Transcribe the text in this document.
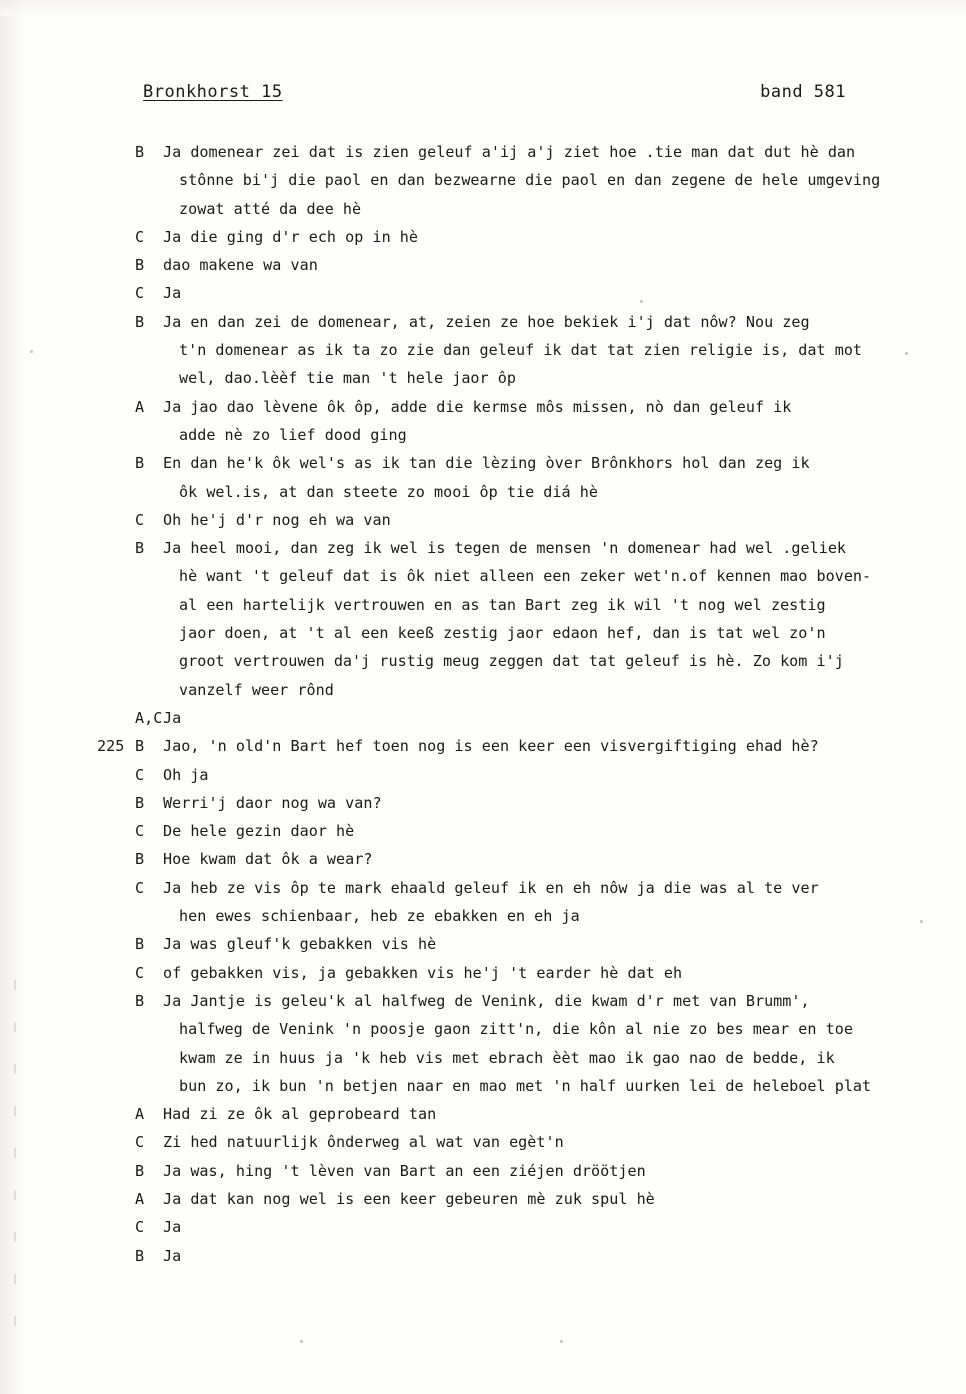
Bronkhorst 15	band 581
B	Ja domenear zei dat is zien geleuf a'ij a'j ziet hoe .tie man dat dut hè dan
stônne bi'j die paol en dan bezwearne die paol en dan zegene de hele umgeving
zowat atté da dee hè
C	Ja die ging d'r ech op in hè
B	dao makene wa van
C	Ja
B	Ja en dan zei de domenear, at, zeien ze hoe bekiek i'j dat nôw? Nou zeg
t'n domenear as ik ta zo zie dan geleuf ik dat tat zien religie is, dat mot
wel, dao.lèèf tie man 't hele jaor ôp
A	Ja jao dao lèvene ôk ôp, adde die kermse môs missen, nò dan geleuf ik
adde nè zo lief dood ging
B	En dan he'k ôk wel's as ik tan die lèzing òver Brônkhors hol dan zeg ik
ôk wel.is, at dan steete zo mooi ôp tie diá hè
C	Oh he'j d'r nog eh wa van
B	Ja heel mooi, dan zeg ik wel is tegen de mensen 'n domenear had wel .geliek
hè want 't geleuf dat is ôk niet alleen een zeker wet'n.of kennen mao boven-
al een hartelijk vertrouwen en as tan Bart zeg ik wil 't nog wel zestig
jaor doen, at 't al een keeß zestig jaor edaon hef, dan is tat wel zo'n
groot vertrouwen da'j rustig meug zeggen dat tat geleuf is hè. Zo kom i'j
vanzelf weer rônd
A,C Ja
225 B	Jao, 'n old'n Bart hef toen nog is een keer een visvergiftiging ehad hè?
C	Oh ja
B	Werri'j daor nog wa van?
C	De hele gezin daor hè
B	Hoe kwam dat ôk a wear?
C	Ja heb ze vis ôp te mark ehaald geleuf ik en eh nôw ja die was al te ver
hen ewes schienbaar, heb ze ebakken en eh ja
B	Ja was gleuf'k gebakken vis hè
C	of gebakken vis, ja gebakken vis he'j 't earder hè dat eh
B	Ja Jantje is geleu'k al halfweg de Venink, die kwam d'r met van Brumm',
halfweg de Venink 'n poosje gaon zitt'n, die kôn al nie zo bes mear en toe
kwam ze in huus ja 'k heb vis met ebrach èèt mao ik gao nao de bedde, ik
bun zo, ik bun 'n betjen naar en mao met 'n half uurken lei de heleboel plat
A	Had zi ze ôk al geprobeard tan
C	Zi hed natuurlijk ônderweg al wat van egèt'n
B	Ja was, hing 't lèven van Bart an een ziéjen dröötjen
A	Ja dat kan nog wel is een keer gebeuren mè zuk spul hè
C	Ja
B	Ja
